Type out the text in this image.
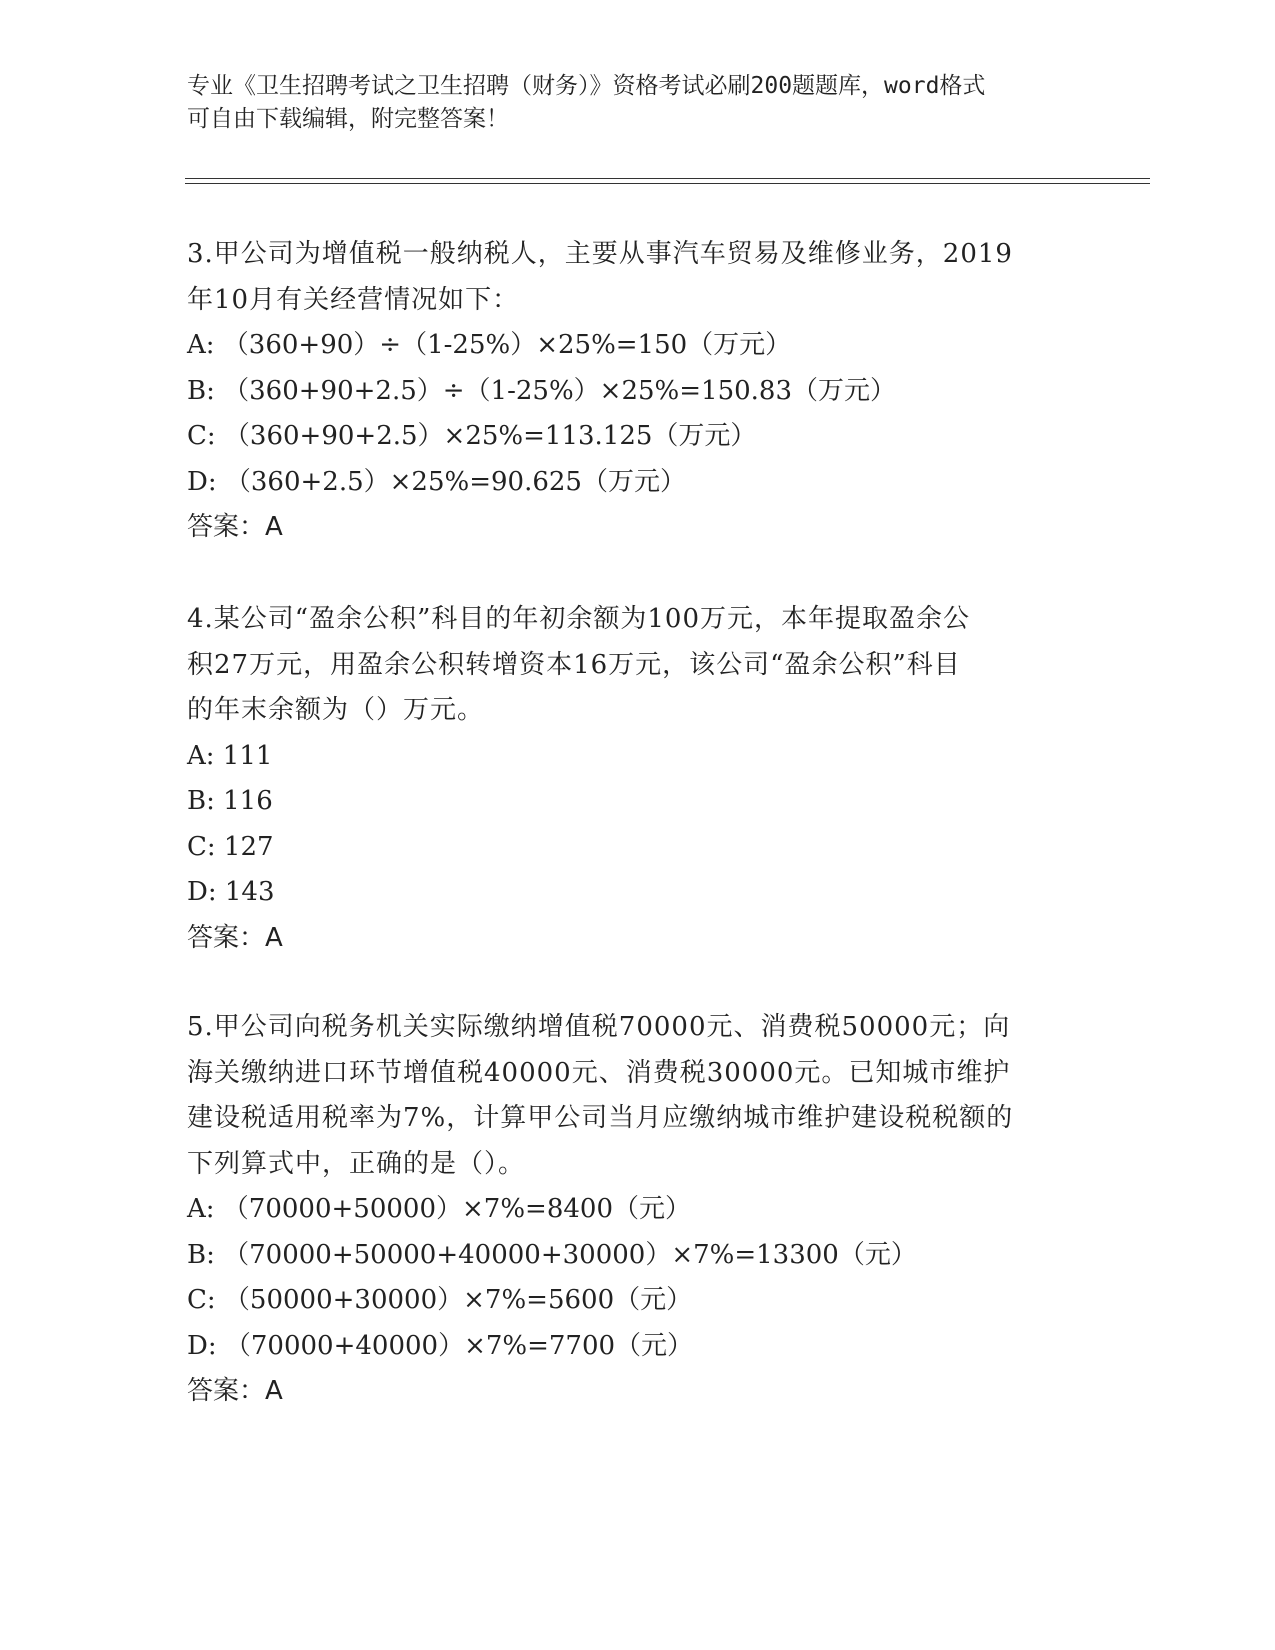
专业《卫生招聘考试之卫生招聘（财务）》资格考试必刷200题题库，word格式
可自由下载编辑，附完整答案！

3.甲公司为增值税一般纳税人，主要从事汽车贸易及维修业务，2019

年10月有关经营情况如下：

A: （360+90）÷（1-25%）×25%=150（万元）

B: （360+90+2.5）÷（1-25%）×25%=150.83（万元）

C: （360+90+2.5）×25%=113.125（万元）

D: （360+2.5）×25%=90.625（万元）

答案：A

4.某公司“盈余公积”科目的年初余额为100万元，本年提取盈余公

积27万元，用盈余公积转增资本16万元，该公司“盈余公积”科目

的年末余额为（）万元。

A: 111

B: 116

C: 127

D: 143

答案：A

5.甲公司向税务机关实际缴纳增值税70000元、消费税50000元；向

海关缴纳进口环节增值税40000元、消费税30000元。已知城市维护

建设税适用税率为7%，计算甲公司当月应缴纳城市维护建设税税额的

下列算式中，正确的是（）。

A: （70000+50000）×7%=8400（元）

B: （70000+50000+40000+30000）×7%=13300（元）

C: （50000+30000）×7%=5600（元）

D: （70000+40000）×7%=7700（元）

答案：A
